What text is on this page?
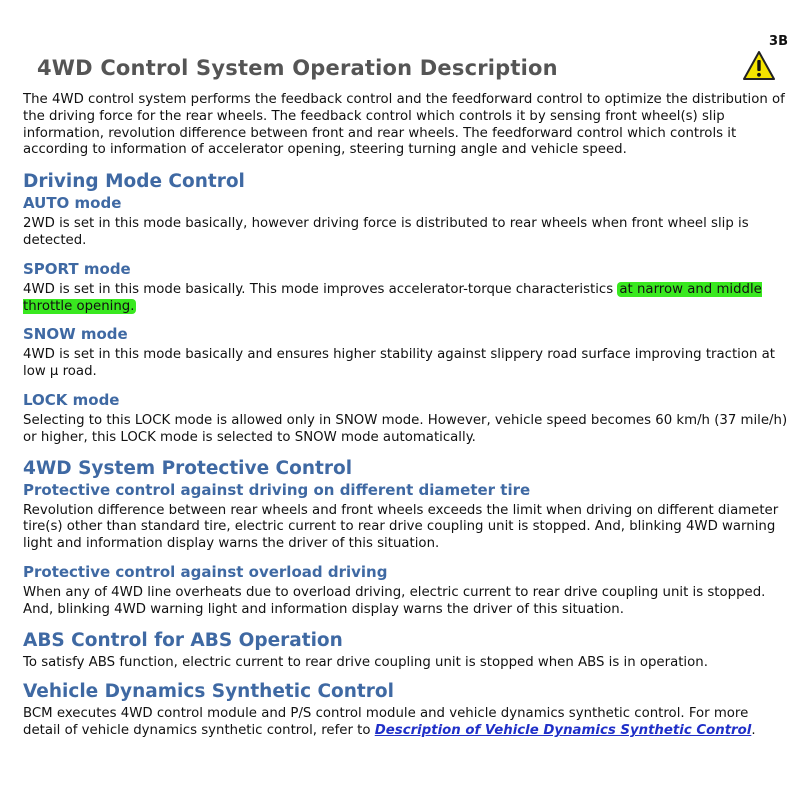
3B
4WD Control System Operation Description

The 4WD control system performs the feedback control and the feedforward control to optimize the distribution of the driving force for the rear wheels. The feedback control which controls it by sensing front wheel(s) slip information, revolution difference between front and rear wheels. The feedforward control which controls it according to information of accelerator opening, steering turning angle and vehicle speed.

Driving Mode Control
AUTO mode

2WD is set in this mode basically, however driving force is distributed to rear wheels when front wheel slip is detected.

SPORT mode

4WD is set in this mode basically. This mode improves accelerator-torque characteristics at narrow and middle throttle opening.

SNOW mode

4WD is set in this mode basically and ensures higher stability against slippery road surface improving traction at low μ road.

LOCK mode

Selecting to this LOCK mode is allowed only in SNOW mode. However, vehicle speed becomes 60 km/h (37 mile/h) or higher, this LOCK mode is selected to SNOW mode automatically.

4WD System Protective Control
Protective control against driving on different diameter tire

Revolution difference between rear wheels and front wheels exceeds the limit when driving on different diameter tire(s) other than standard tire, electric current to rear drive coupling unit is stopped. And, blinking 4WD warning light and information display warns the driver of this situation.

Protective control against overload driving

When any of 4WD line overheats due to overload driving, electric current to rear drive coupling unit is stopped. And, blinking 4WD warning light and information display warns the driver of this situation.

ABS Control for ABS Operation

To satisfy ABS function, electric current to rear drive coupling unit is stopped when ABS is in operation.

Vehicle Dynamics Synthetic Control

BCM executes 4WD control module and P/S control module and vehicle dynamics synthetic control. For more detail of vehicle dynamics synthetic control, refer to Description of Vehicle Dynamics Synthetic Control.
